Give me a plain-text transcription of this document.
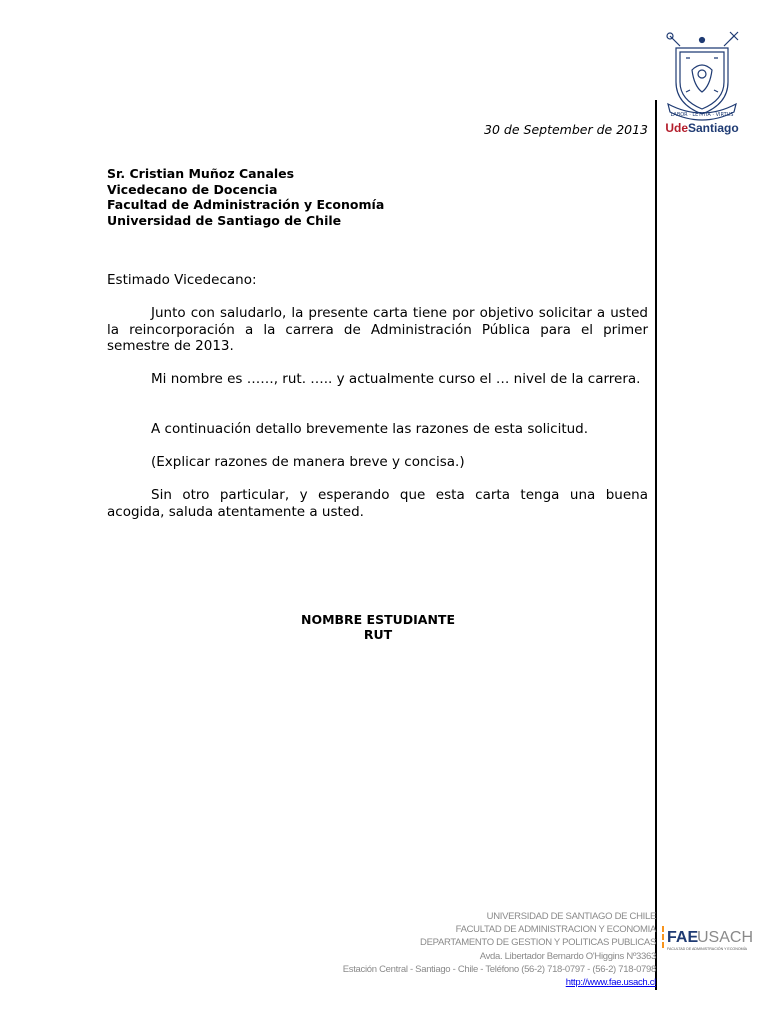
LABOR · LETITIA · VIRTUS
UdeSantiago
30 de September de 2013
Sr. Cristian Muñoz Canales
Vicedecano de Docencia
Facultad de Administración y Economía
Universidad de Santiago de Chile
Estimado Vicedecano:
Junto con saludarlo, la presente carta tiene por objetivo solicitar a usted la reincorporación a la carrera de Administración Pública para el primer semestre de 2013.
Mi nombre es ……, rut. ….. y actualmente curso el … nivel de la carrera.
A continuación detallo brevemente las razones de esta solicitud.
(Explicar razones de manera breve y concisa.)
Sin otro particular, y esperando que esta carta tenga una buena acogida, saluda atentamente a usted.
NOMBRE ESTUDIANTE
RUT
UNIVERSIDAD DE SANTIAGO DE CHILE
FACULTAD DE ADMINISTRACION Y ECONOMIA
DEPARTAMENTO DE GESTION Y POLITICAS PUBLICAS
Avda. Libertador Bernardo O'Higgins Nº3363
Estación Central - Santiago - Chile - Teléfono (56-2) 718-0797 - (56-2) 718-0798
http://www.fae.usach.cl
FAE
USACH
FACULTAD DE ADMINISTRACIÓN Y ECONOMÍA
